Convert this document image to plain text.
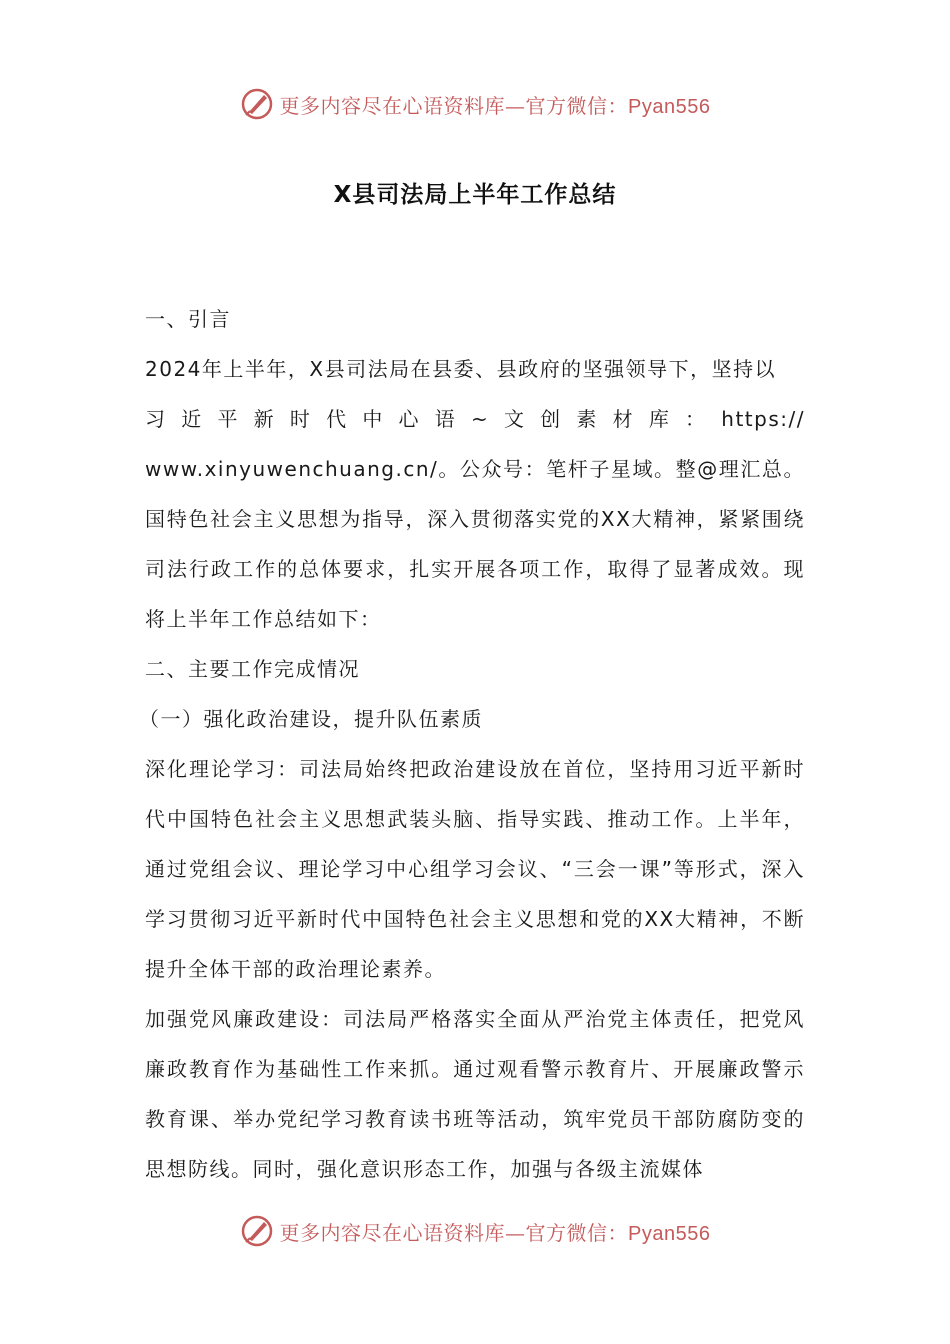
更多内容尽在心语资料库—官方微信：Pyan556
X县司法局上半年工作总结

一、引言

2024年上半年，X县司法局在县委、县政府的坚强领导下，坚持以

习 近 平 新 时 代 中 心 语 ~ 文 创 素 材 库 ： https://

www.xinyuwenchuang.cn/。公众号：笔杆子星域。整@理汇总。国特色社会主义思想为指导，深入贯彻落实党的XX大精神，紧紧围绕司法行政工作的总体要求，扎实开展各项工作，取得了显著成效。现将上半年工作总结如下：

二、主要工作完成情况

（一）强化政治建设，提升队伍素质

深化理论学习：司法局始终把政治建设放在首位，坚持用习近平新时代中国特色社会主义思想武装头脑、指导实践、推动工作。上半年，通过党组会议、理论学习中心组学习会议、“三会一课”等形式，深入学习贯彻习近平新时代中国特色社会主义思想和党的XX大精神，不断提升全体干部的政治理论素养。

加强党风廉政建设：司法局严格落实全面从严治党主体责任，把党风廉政教育作为基础性工作来抓。通过观看警示教育片、开展廉政警示教育课、举办党纪学习教育读书班等活动，筑牢党员干部防腐防变的思想防线。同时，强化意识形态工作，加强与各级主流媒体

更多内容尽在心语资料库—官方微信：Pyan556
